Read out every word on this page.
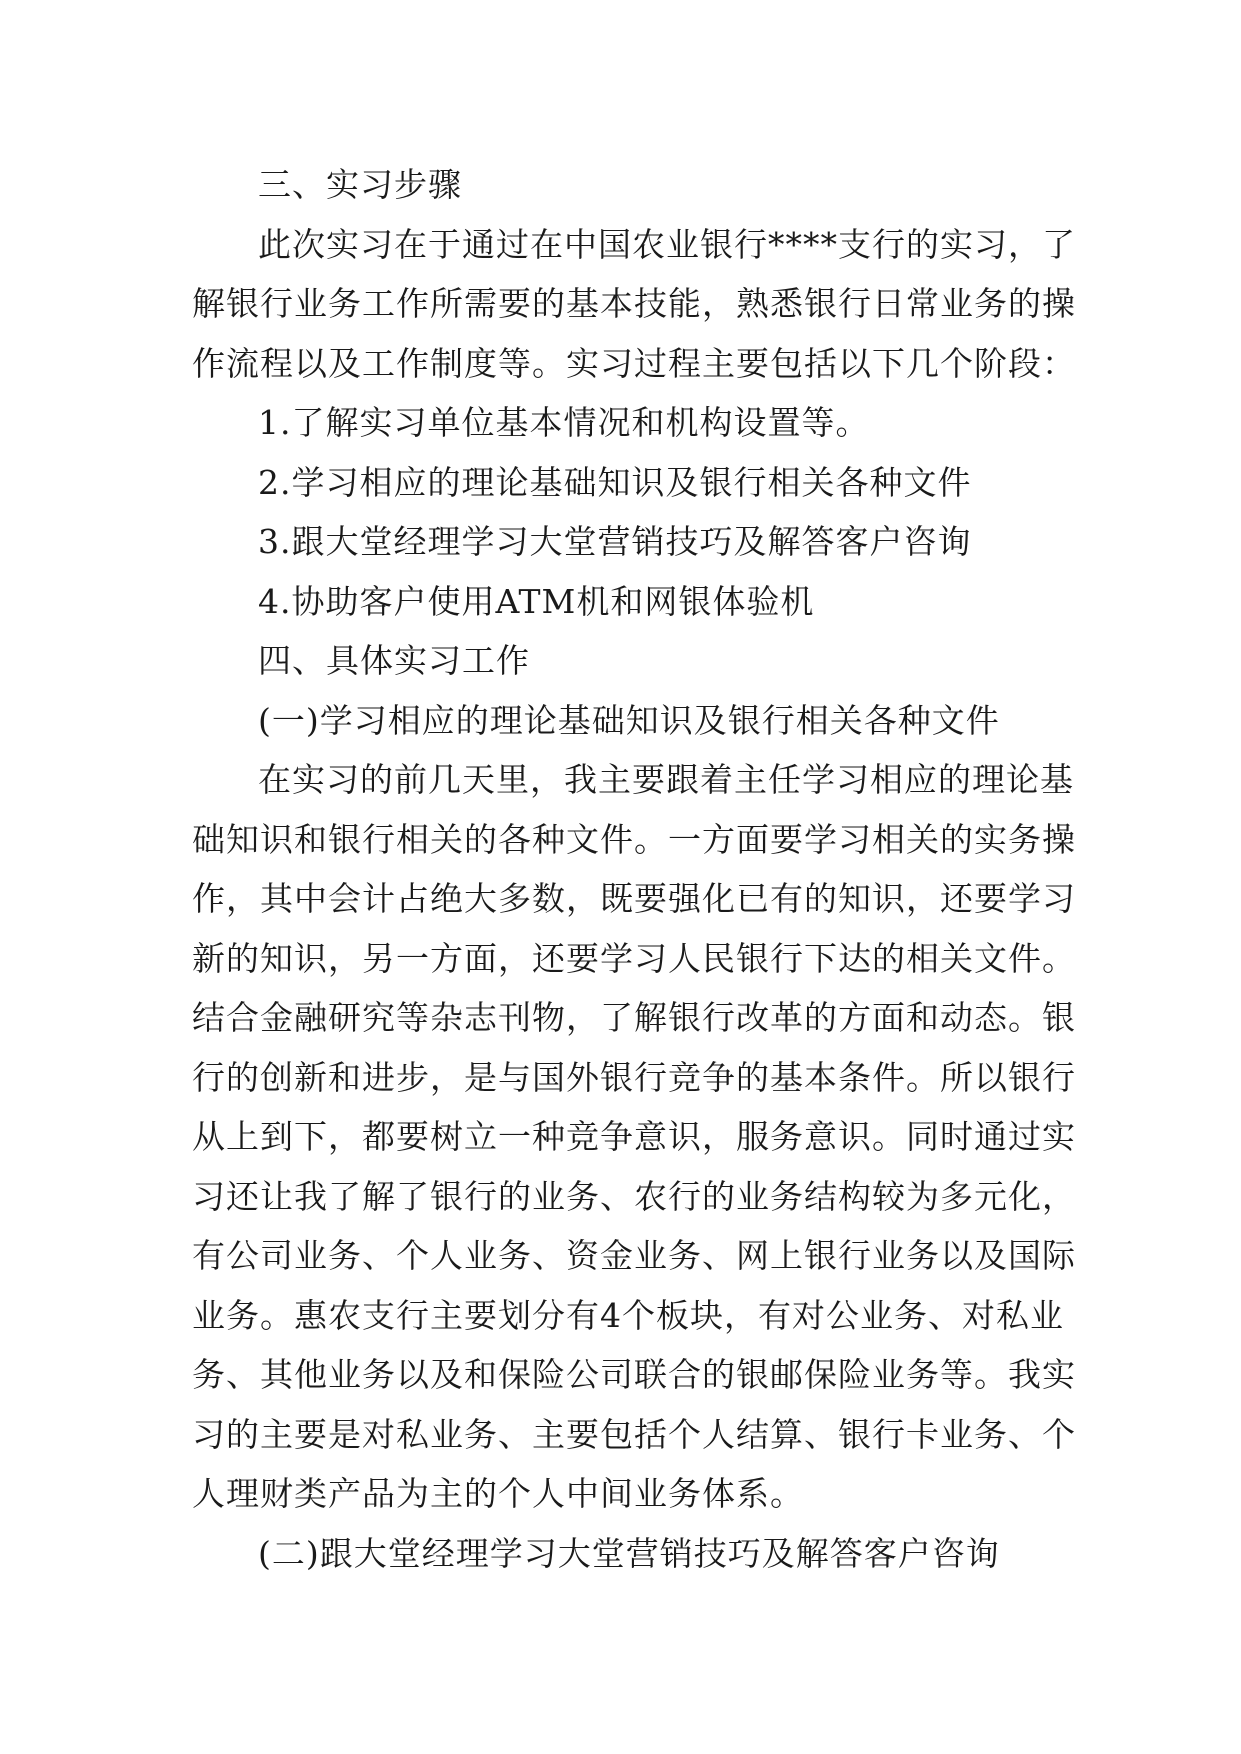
三、实习步骤
此次实习在于通过在中国农业银行****支行的实习，了
解银行业务工作所需要的基本技能，熟悉银行日常业务的操
作流程以及工作制度等。实习过程主要包括以下几个阶段：
1.了解实习单位基本情况和机构设置等。
2.学习相应的理论基础知识及银行相关各种文件
3.跟大堂经理学习大堂营销技巧及解答客户咨询
4.协助客户使用ATM机和网银体验机
四、具体实习工作
(一)学习相应的理论基础知识及银行相关各种文件
在实习的前几天里，我主要跟着主任学习相应的理论基
础知识和银行相关的各种文件。一方面要学习相关的实务操
作，其中会计占绝大多数，既要强化已有的知识，还要学习
新的知识，另一方面，还要学习人民银行下达的相关文件。
结合金融研究等杂志刊物，了解银行改革的方面和动态。银
行的创新和进步，是与国外银行竞争的基本条件。所以银行
从上到下，都要树立一种竞争意识，服务意识。同时通过实
习还让我了解了银行的业务、农行的业务结构较为多元化，
有公司业务、个人业务、资金业务、网上银行业务以及国际
业务。惠农支行主要划分有4个板块，有对公业务、对私业
务、其他业务以及和保险公司联合的银邮保险业务等。我实
习的主要是对私业务、主要包括个人结算、银行卡业务、个
人理财类产品为主的个人中间业务体系。
(二)跟大堂经理学习大堂营销技巧及解答客户咨询
